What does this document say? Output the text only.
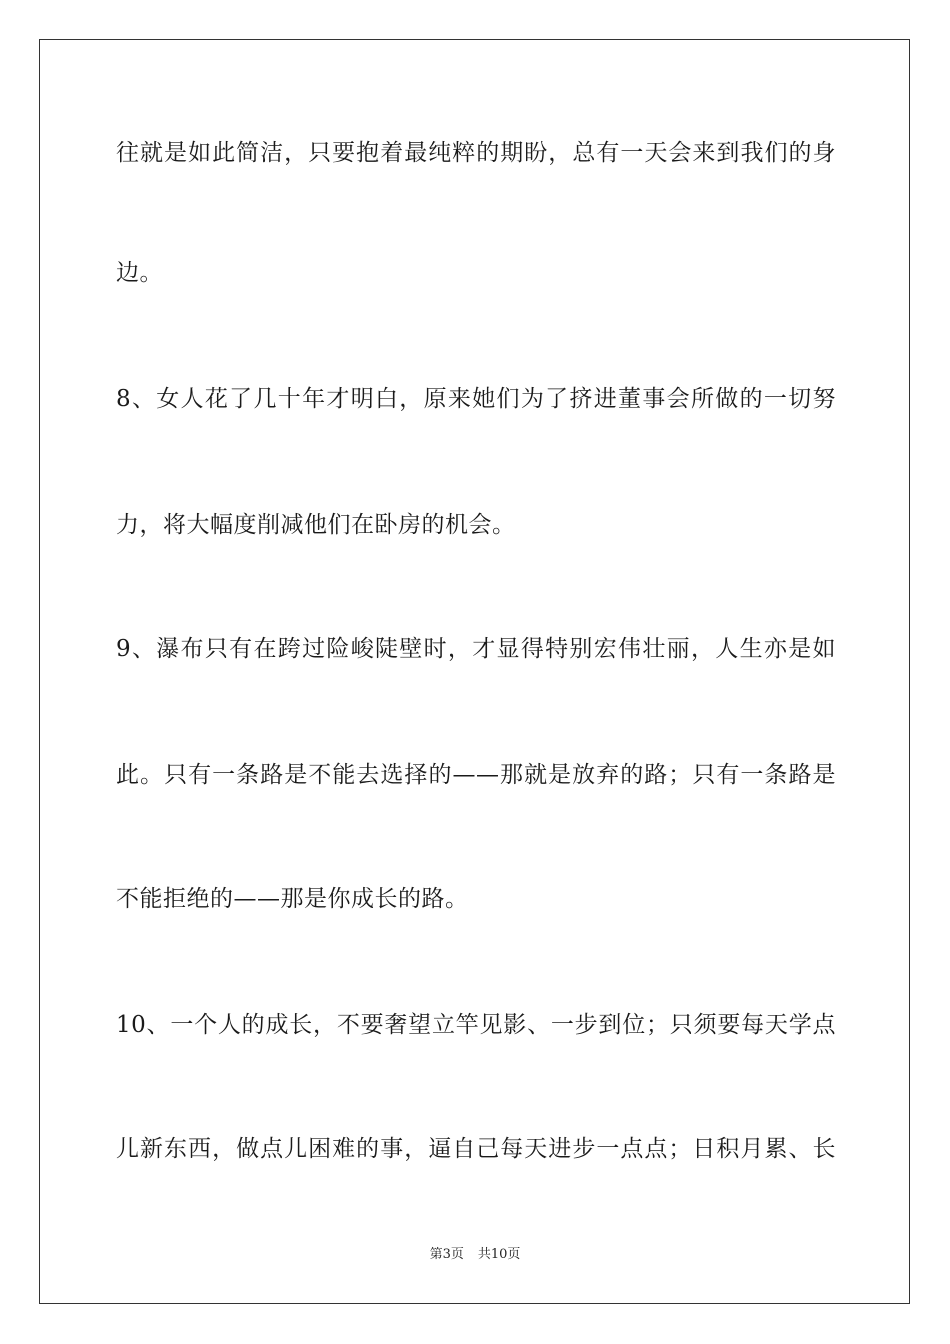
往就是如此简洁，只要抱着最纯粹的期盼，总有一天会来到我们的身
边。
8、女人花了几十年才明白，原来她们为了挤进董事会所做的一切努
力，将大幅度削减他们在卧房的机会。
9、瀑布只有在跨过险峻陡壁时，才显得特别宏伟壮丽，人生亦是如
此。只有一条路是不能去选择的——那就是放弃的路；只有一条路是
不能拒绝的——那是你成长的路。
10、一个人的成长，不要奢望立竿见影、一步到位；只须要每天学点
儿新东西，做点儿困难的事，逼自己每天进步一点点；日积月累、长
第3页 共10页
